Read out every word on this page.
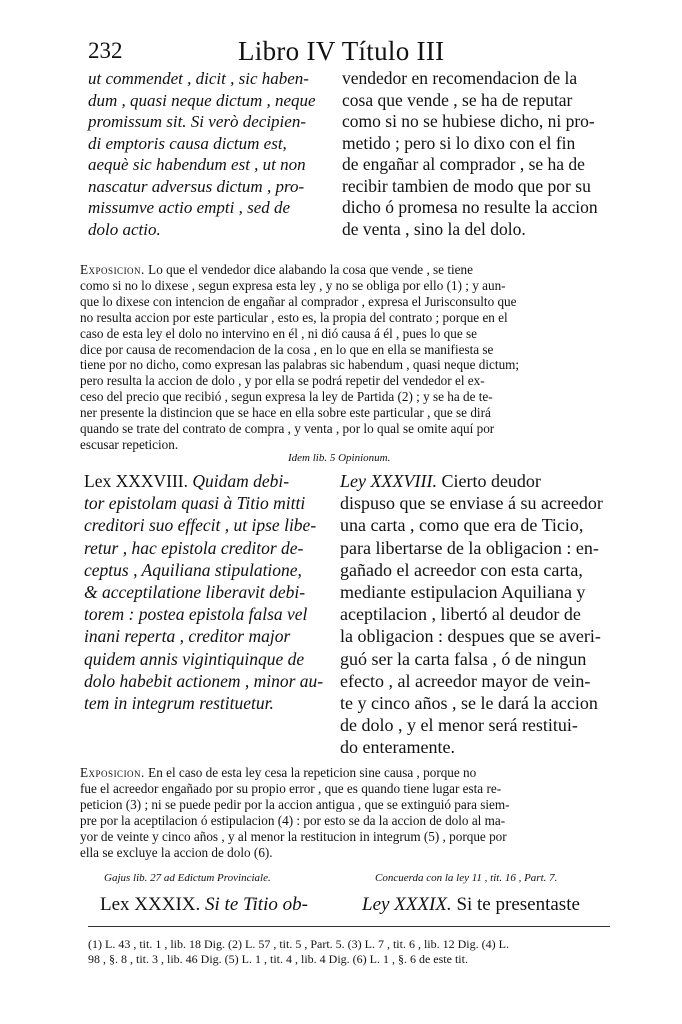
232	Libro IV Título III
ut commendet , dicit , sic haben-
dum , quasi neque dictum , neque
promissum sit. Si verò decipien-
di emptoris causa dictum est,
aequè sic habendum est , ut non
nascatur adversus dictum , pro-
missumve actio empti , sed de
dolo actio.
vendedor en recomendacion de la
cosa que vende , se ha de reputar
como si no se hubiese dicho, ni pro-
metido ; pero si lo dixo con el fin
de engañar al comprador , se ha de
recibir tambien de modo que por su
dicho ó promesa no resulte la accion
de venta , sino la del dolo.
Exposicion. Lo que el vendedor dice alabando la cosa que vende , se tiene
como si no lo dixese , segun expresa esta ley , y no se obliga por ello (1) ; y aun-
que lo dixese con intencion de engañar al comprador , expresa el Jurisconsulto que
no resulta accion por este particular , esto es, la propia del contrato ; porque en el
caso de esta ley el dolo no intervino en él , ni dió causa á él , pues lo que se
dice por causa de recomendacion de la cosa , en lo que en ella se manifiesta se
tiene por no dicho, como expresan las palabras sic habendum , quasi neque dictum;
pero resulta la accion de dolo , y por ella se podrá repetir del vendedor el ex-
ceso del precio que recibió , segun expresa la ley de Partida (2) ; y se ha de te-
ner presente la distincion que se hace en ella sobre este particular , que se dirá
quando se trate del contrato de compra , y venta , por lo qual se omite aquí por
escusar repeticion.
Idem lib. 5 Opinionum.
Lex XXXVIII. Quidam debi-
tor epistolam quasi à Titio mitti
creditori suo effecit , ut ipse libe-
retur , hac epistola creditor de-
ceptus , Aquiliana stipulatione,
& acceptilatione liberavit debi-
torem : postea epistola falsa vel
inani reperta , creditor major
quidem annis vigintiquinque de
dolo habebit actionem , minor au-
tem in integrum restituetur.
Ley XXXVIII. Cierto deudor
dispuso que se enviase á su acreedor
una carta , como que era de Ticio,
para libertarse de la obligacion : en-
gañado el acreedor con esta carta,
mediante estipulacion Aquiliana y
aceptilacion , libertó al deudor de
la obligacion : despues que se averi-
guó ser la carta falsa , ó de ningun
efecto , al acreedor mayor de vein-
te y cinco años , se le dará la accion
de dolo , y el menor será restitui-
do enteramente.
Exposicion. En el caso de esta ley cesa la repeticion sine causa , porque no
fue el acreedor engañado por su propio error , que es quando tiene lugar esta re-
peticion (3) ; ni se puede pedir por la accion antigua , que se extinguió para siem-
pre por la aceptilacion ó estipulacion (4) : por esto se da la accion de dolo al ma-
yor de veinte y cinco años , y al menor la restitucion in integrum (5) , porque por
ella se excluye la accion de dolo (6).
Gajus lib. 27 ad Edictum Provinciale.	Concuerda con la ley 11 , tit. 16 , Part. 7.
Lex XXXIX. Si te Titio ob-	Ley XXXIX. Si te presentaste
(1) L. 43 , tit. 1 , lib. 18 Dig. (2) L. 57 , tit. 5 , Part. 5. (3) L. 7 , tit. 6 , lib. 12 Dig. (4) L.
98 , §. 8 , tit. 3 , lib. 46 Dig. (5) L. 1 , tit. 4 , lib. 4 Dig. (6) L. 1 , §. 6 de este tit.
